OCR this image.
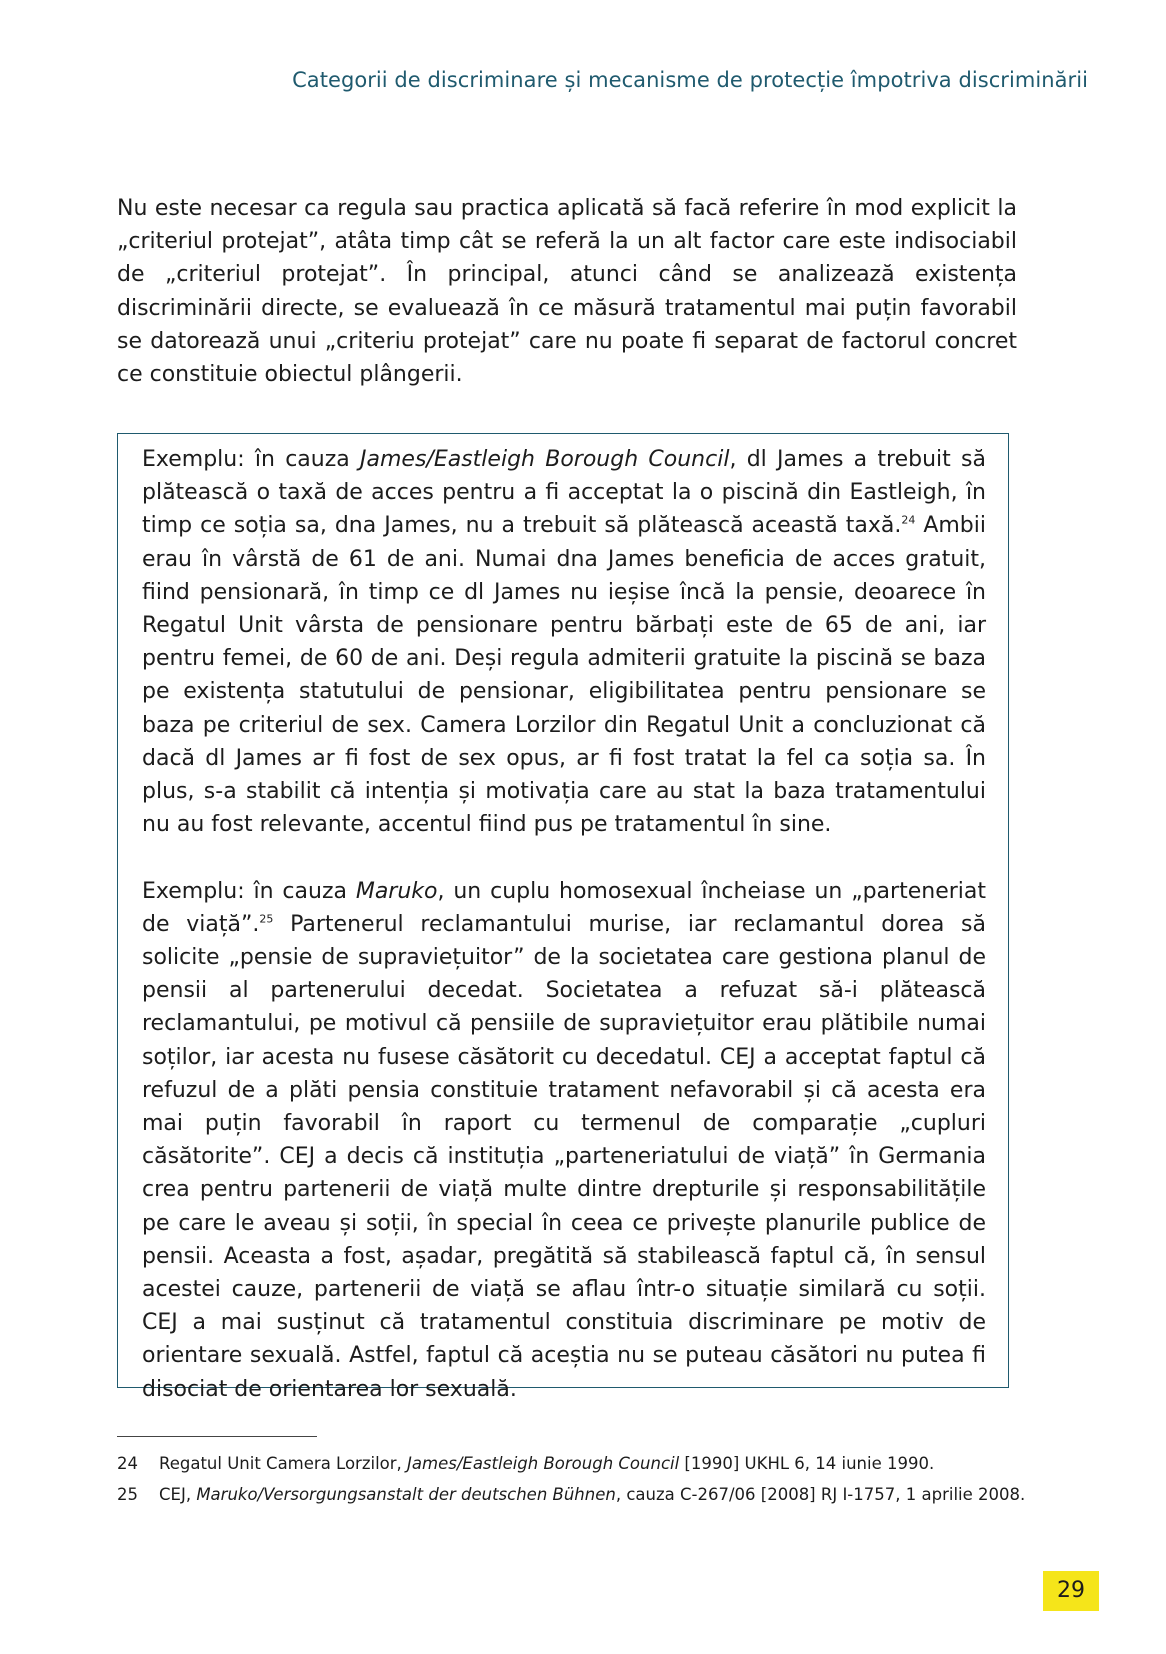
Categorii de discriminare și mecanisme de protecție împotriva discriminării

Nu este necesar ca regula sau practica aplicată să facă referire în mod explicit la „criteriul protejat”, atâta timp cât se referă la un alt factor care este indisociabil de „criteriul protejat”. În principal, atunci când se analizează existența discriminării directe, se evaluează în ce măsură tratamentul mai puțin favorabil se datorează unui „criteriu protejat” care nu poate fi separat de factorul concret ce constituie obiectul plângerii.

Exemplu: în cauza James/Eastleigh Borough Council, dl James a trebuit să plătească o taxă de acces pentru a fi acceptat la o piscină din Eastleigh, în timp ce soția sa, dna James, nu a trebuit să plătească această taxă.$^{24}$ Ambii erau în vârstă de 61 de ani. Numai dna James beneficia de acces gratuit, fiind pensionară, în timp ce dl James nu ieșise încă la pensie, deoarece în Regatul Unit vârsta de pensionare pentru bărbați este de 65 de ani, iar pentru femei, de 60 de ani. Deși regula admiterii gratuite la piscină se baza pe existența statutului de pensionar, eligibilitatea pentru pensionare se baza pe criteriul de sex. Camera Lorzilor din Regatul Unit a concluzionat că dacă dl James ar fi fost de sex opus, ar fi fost tratat la fel ca soția sa. În plus, s-a stabilit că intenția și motivația care au stat la baza tratamentului nu au fost relevante, accentul fiind pus pe tratamentul în sine.

Exemplu: în cauza Maruko, un cuplu homosexual încheiase un „parteneriat de viață”.$^{25}$ Partenerul reclamantului murise, iar reclamantul dorea să solicite „pensie de supraviețuitor” de la societatea care gestiona planul de pensii al partenerului decedat. Societatea a refuzat să-i plătească reclamantului, pe motivul că pensiile de supraviețuitor erau plătibile numai soților, iar acesta nu fusese căsătorit cu decedatul. CEJ a acceptat faptul că refuzul de a plăti pensia constituie tratament nefavorabil și că acesta era mai puțin favorabil în raport cu termenul de comparație „cupluri căsătorite”. CEJ a decis că instituția „parteneriatului de viață” în Germania crea pentru partenerii de viață multe dintre drepturile și responsabilitățile pe care le aveau și soții, în special în ceea ce privește planurile publice de pensii. Aceasta a fost, așadar, pregătită să stabilească faptul că, în sensul acestei cauze, partenerii de viață se aflau într-o situație similară cu soții. CEJ a mai susținut că tratamentul constituia discriminare pe motiv de orientare sexuală. Astfel, faptul că aceștia nu se puteau căsători nu putea fi disociat de orientarea lor sexuală.

24 Regatul Unit Camera Lorzilor, James/Eastleigh Borough Council [1990] UKHL 6, 14 iunie 1990.
25 CEJ, Maruko/Versorgungsanstalt der deutschen Bühnen, cauza C-267/06 [2008] RJ I-1757, 1 aprilie 2008.
29
